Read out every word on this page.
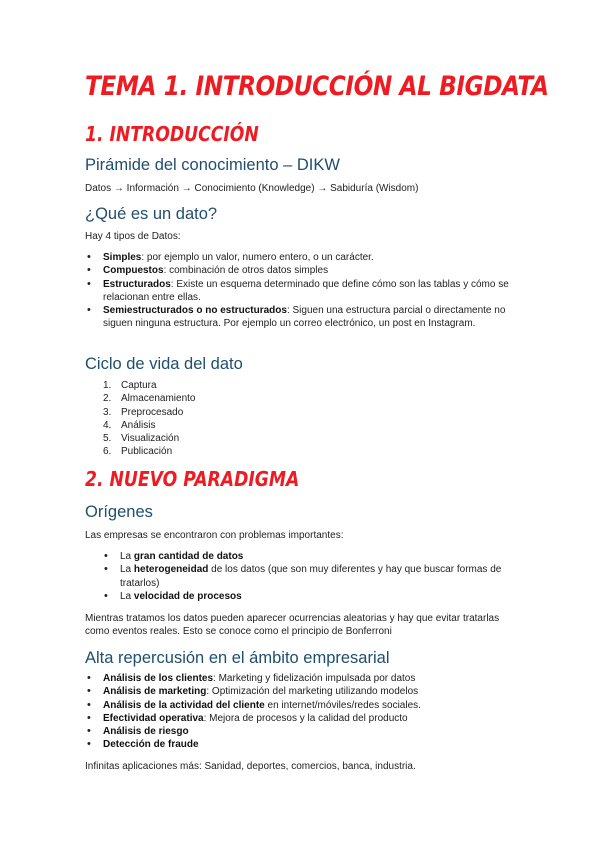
TEMA 1. INTRODUCCIÓN AL BIGDATA
1. INTRODUCCIÓN
Pirámide del conocimiento – DIKW

Datos → Información → Conocimiento (Knowledge) → Sabiduría (Wisdom)

¿Qué es un dato?

Hay 4 tipos de Datos:

• Simples: por ejemplo un valor, numero entero, o un carácter.
• Compuestos: combinación de otros datos simples
• Estructurados: Existe un esquema determinado que define cómo son las tablas y cómo se relacionan entre ellas.
• Semiestructurados o no estructurados: Siguen una estructura parcial o directamente no siguen ninguna estructura. Por ejemplo un correo electrónico, un post en Instagram.
Ciclo de vida del dato
1. Captura
2. Almacenamiento
3. Preprocesado
4. Análisis
5. Visualización
6. Publicación
2. NUEVO PARADIGMA
Orígenes

Las empresas se encontraron con problemas importantes:

• La gran cantidad de datos
• La heterogeneidad de los datos (que son muy diferentes y hay que buscar formas de tratarlos)
• La velocidad de procesos

Mientras tratamos los datos pueden aparecer ocurrencias aleatorias y hay que evitar tratarlas como eventos reales. Esto se conoce como el principio de Bonferroni

Alta repercusión en el ámbito empresarial
• Análisis de los clientes: Marketing y fidelización impulsada por datos
• Análisis de marketing: Optimización del marketing utilizando modelos
• Análisis de la actividad del cliente en internet/móviles/redes sociales.
• Efectividad operativa: Mejora de procesos y la calidad del producto
• Análisis de riesgo
• Detección de fraude

Infinitas aplicaciones más: Sanidad, deportes, comercios, banca, industria.
